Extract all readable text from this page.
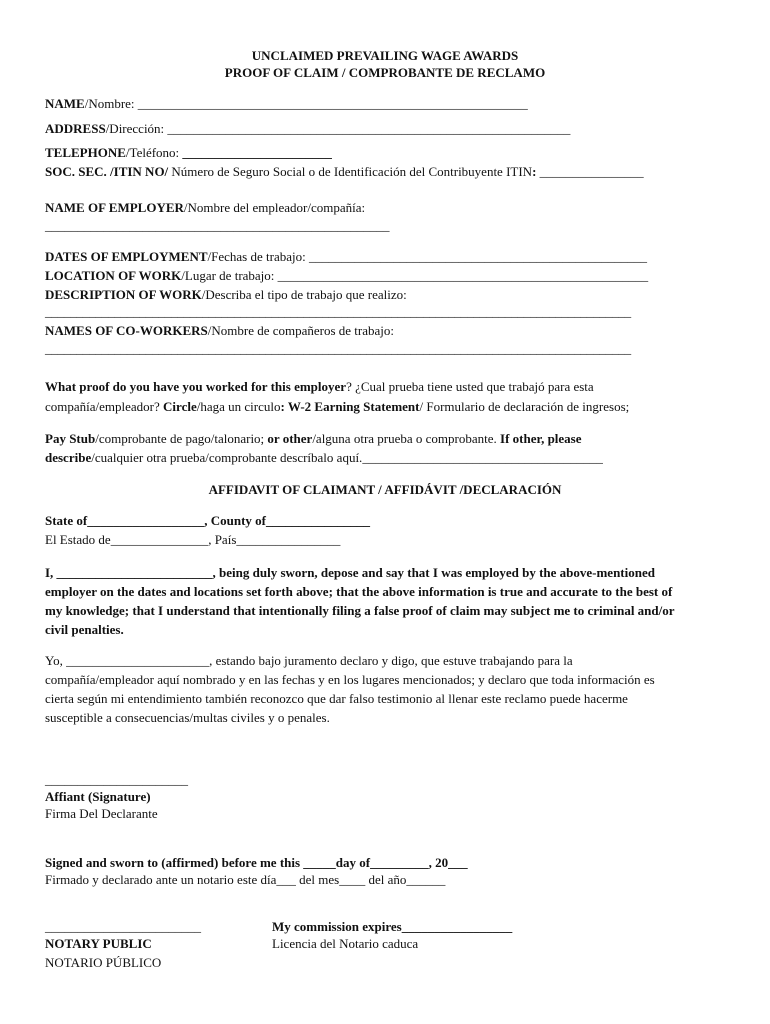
UNCLAIMED PREVAILING WAGE AWARDS
PROOF OF CLAIM / COMPROBANTE DE RECLAMO
NAME/Nombre: ____________________________________________________________
ADDRESS/Dirección: ______________________________________________________________
TELEPHONE/Teléfono: _______________________
SOC. SEC. /ITIN NO/ Número de Seguro Social o de Identificación del Contribuyente ITIN: ________________
NAME OF EMPLOYER/Nombre del empleador/compañía:
_____________________________________________________
DATES OF EMPLOYMENT/Fechas de trabajo: ____________________________________________________
LOCATION OF WORK/Lugar de trabajo: _________________________________________________________
DESCRIPTION OF WORK/Describa el tipo de trabajo que realizo:
_____________________________________________________________________________________________
NAMES OF CO-WORKERS/Nombre de compañeros de trabajo:
_____________________________________________________________________________________________
What proof do you have you worked for this employer? ¿Cual prueba tiene usted que trabajó para esta
compañía/empleador? Circle/haga un circulo: W-2 Earning Statement/ Formulario de declaración de ingresos;
Pay Stub/comprobante de pago/talonario; or other/alguna otra prueba o comprobante. If other, please
describe/cualquier otra prueba/comprobante descríbalo aquí._____________________________________
AFFIDAVIT OF CLAIMANT / AFFIDÁVIT /DECLARACIÓN
State of__________________, County of________________
El Estado de_______________, País________________
I, ________________________, being duly sworn, depose and say that I was employed by the above-mentioned
employer on the dates and locations set forth above; that the above information is true and accurate to the best of
my knowledge; that I understand that intentionally filing a false proof of claim may subject me to criminal and/or
civil penalties.
Yo, ______________________, estando bajo juramento declaro y digo, que estuve trabajando para la
compañía/empleador aquí nombrado y en las fechas y en los lugares mencionados; y declaro que toda información es
cierta según mi entendimiento también reconozco que dar falso testimonio al llenar este reclamo puede hacerme
susceptible a consecuencias/multas civiles y o penales.
______________________
Affiant (Signature)
Firma Del Declarante
Signed and sworn to (affirmed) before me this _____day of_________, 20___
Firmado y declarado ante un notario este día___ del mes____ del año______
________________________
NOTARY PUBLIC
NOTARIO PÚBLICO
My commission expires_________________
Licencia del Notario caduca
